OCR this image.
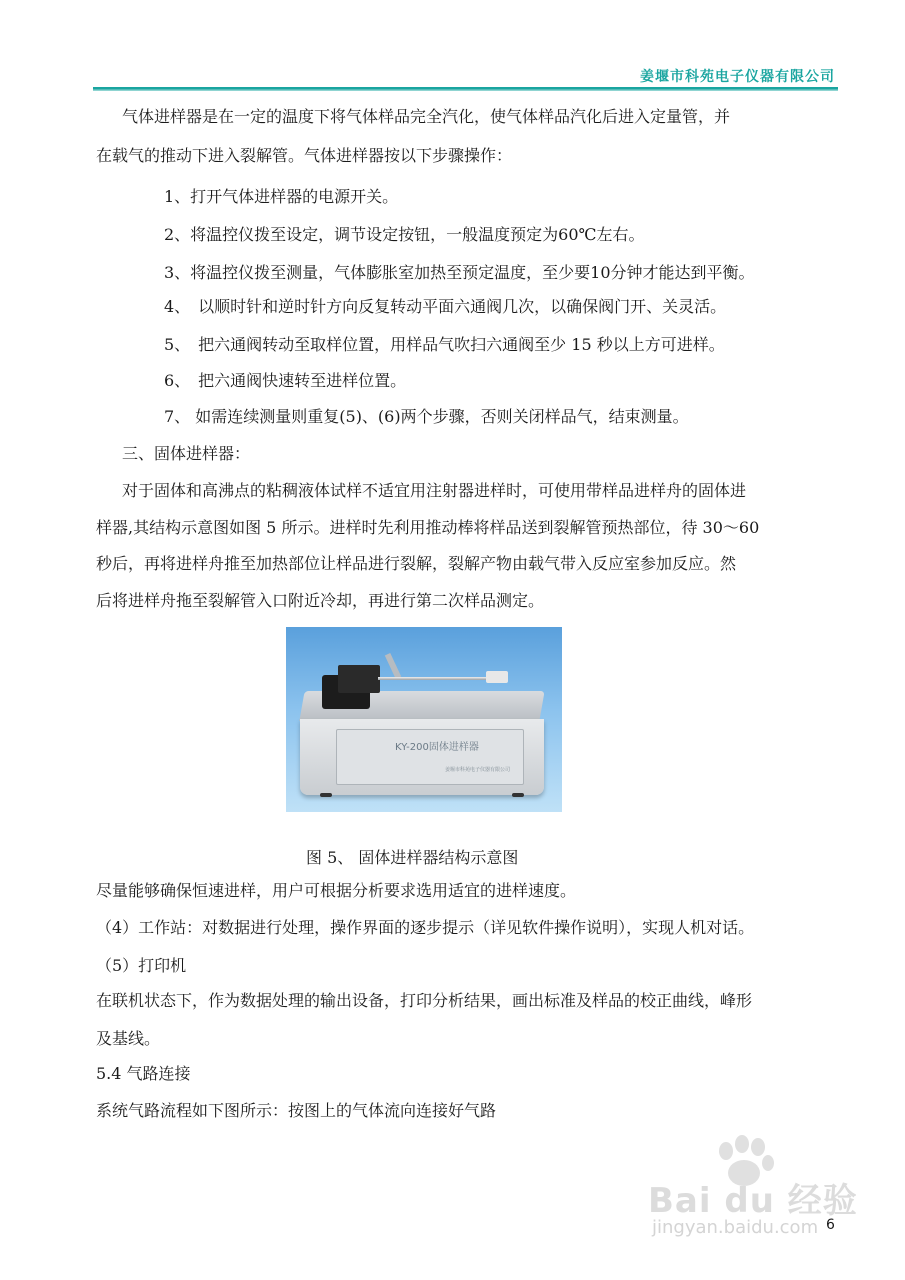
姜堰市科苑电子仪器有限公司
气体进样器是在一定的温度下将气体样品完全汽化，使气体样品汽化后进入定量管，并
在载气的推动下进入裂解管。气体进样器按以下步骤操作：
1、打开气体进样器的电源开关。
2、将温控仪拨至设定，调节设定按钮，一般温度预定为60℃左右。
3、将温控仪拨至测量，气体膨胀室加热至预定温度，至少要10分钟才能达到平衡。
4、　以顺时针和逆时针方向反复转动平面六通阀几次，以确保阀门开、关灵活。
5、　把六通阀转动至取样位置，用样品气吹扫六通阀至少 15 秒以上方可进样。
6、　把六通阀快速转至进样位置。
7、 如需连续测量则重复(5)、(6)两个步骤，否则关闭样品气，结束测量。
三、固体进样器：
对于固体和高沸点的粘稠液体试样不适宜用注射器进样时，可使用带样品进样舟的固体进
样器,其结构示意图如图 5 所示。进样时先利用推动棒将样品送到裂解管预热部位，待 30～60
秒后，再将进样舟推至加热部位让样品进行裂解，裂解产物由载气带入反应室参加反应。然
后将进样舟拖至裂解管入口附近冷却，再进行第二次样品测定。
KY-200固体进样器
姜堰市科苑电子仪器有限公司
图 5、 固体进样器结构示意图
尽量能够确保恒速进样，用户可根据分析要求选用适宜的进样速度。
（4）工作站：对数据进行处理，操作界面的逐步提示（详见软件操作说明），实现人机对话。
（5）打印机
在联机状态下，作为数据处理的输出设备，打印分析结果，画出标准及样品的校正曲线，峰形
及基线。
5.4 气路连接
系统气路流程如下图所示：按图上的气体流向连接好气路
Bai du 经验
jingyan.baidu.com 6
